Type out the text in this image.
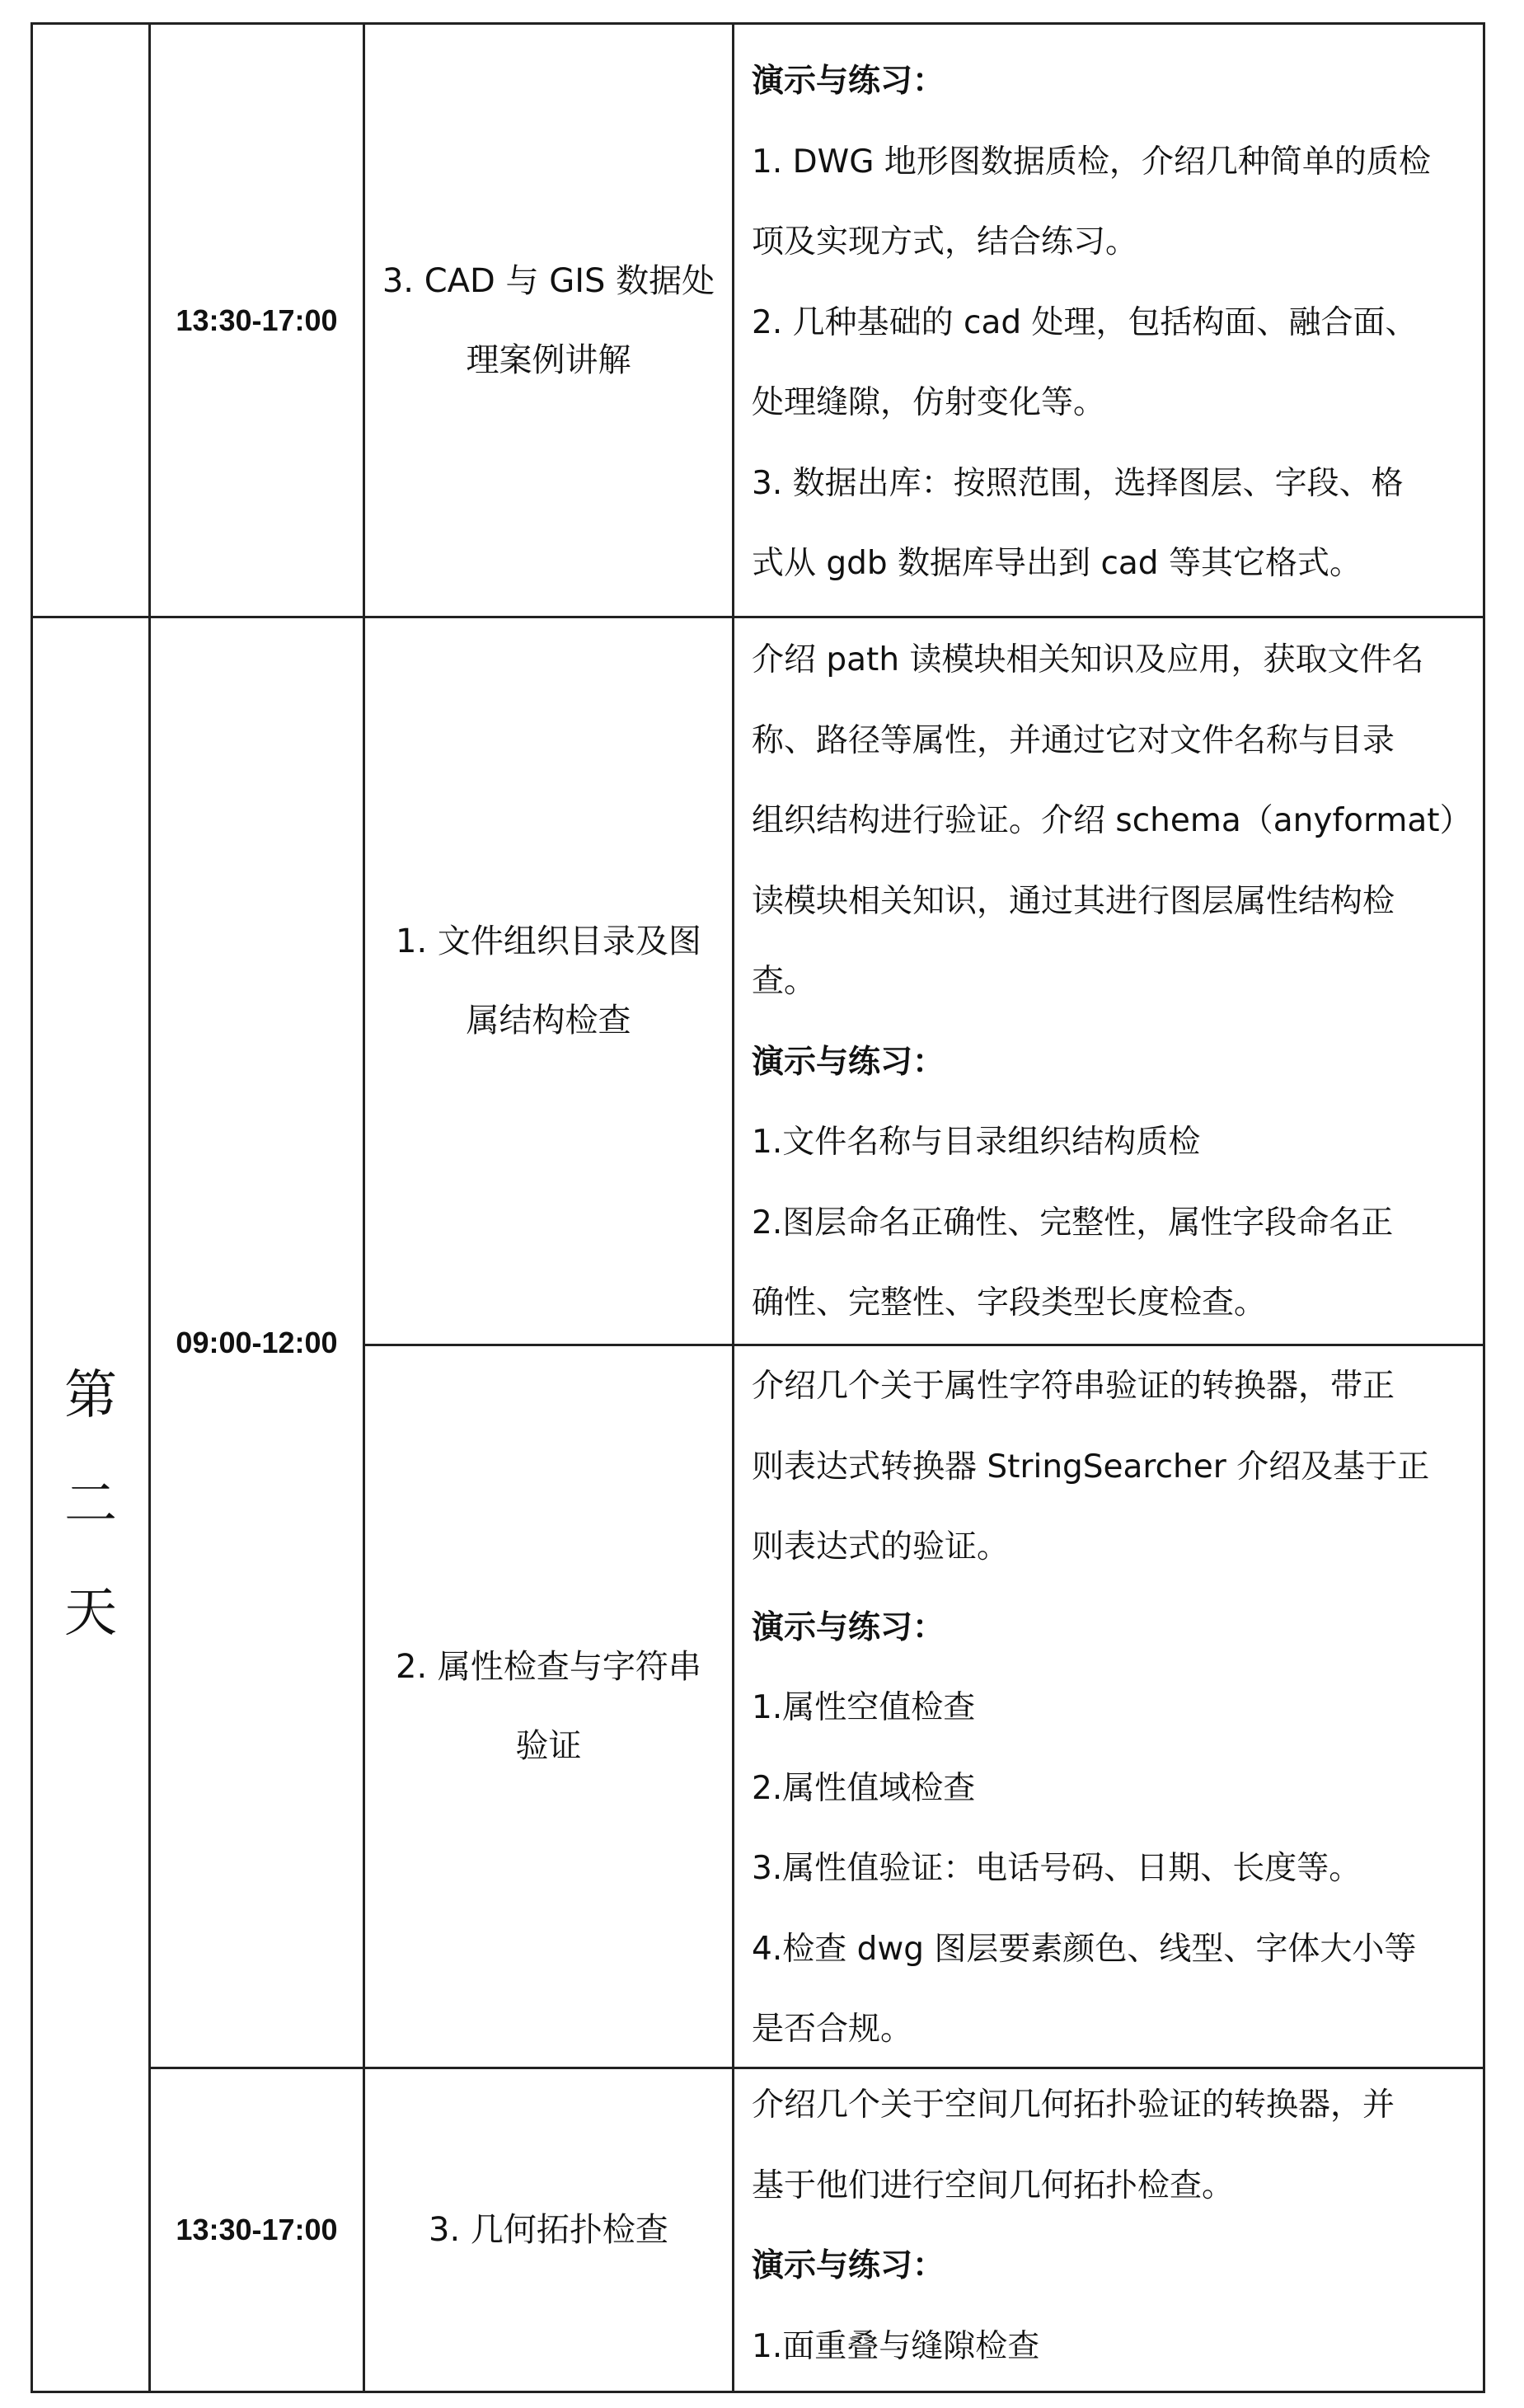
13:30-17:00
3. CAD 与 GIS 数据处
理案例讲解

演示与练习：

1. DWG 地形图数据质检，介绍几种简单的质检

项及实现方式，结合练习。

2. 几种基础的 cad 处理，包括构面、融合面、

处理缝隙，仿射变化等。

3. 数据出库：按照范围，选择图层、字段、格

式从 gdb 数据库导出到 cad 等其它格式。

第
二
天
09:00-12:00
1. 文件组织目录及图
属结构检查

介绍 path 读模块相关知识及应用，获取文件名

称、路径等属性，并通过它对文件名称与目录

组织结构进行验证。介绍 schema（anyformat）

读模块相关知识，通过其进行图层属性结构检

查。

演示与练习：

1.文件名称与目录组织结构质检

2.图层命名正确性、完整性，属性字段命名正

确性、完整性、字段类型长度检查。

2. 属性检查与字符串
验证

介绍几个关于属性字符串验证的转换器，带正

则表达式转换器 StringSearcher 介绍及基于正

则表达式的验证。

演示与练习：

1.属性空值检查

2.属性值域检查

3.属性值验证：电话号码、日期、长度等。

4.检查 dwg 图层要素颜色、线型、字体大小等

是否合规。

13:30-17:00	3. 几何拓扑检查

介绍几个关于空间几何拓扑验证的转换器，并

基于他们进行空间几何拓扑检查。

演示与练习：

1.面重叠与缝隙检查
